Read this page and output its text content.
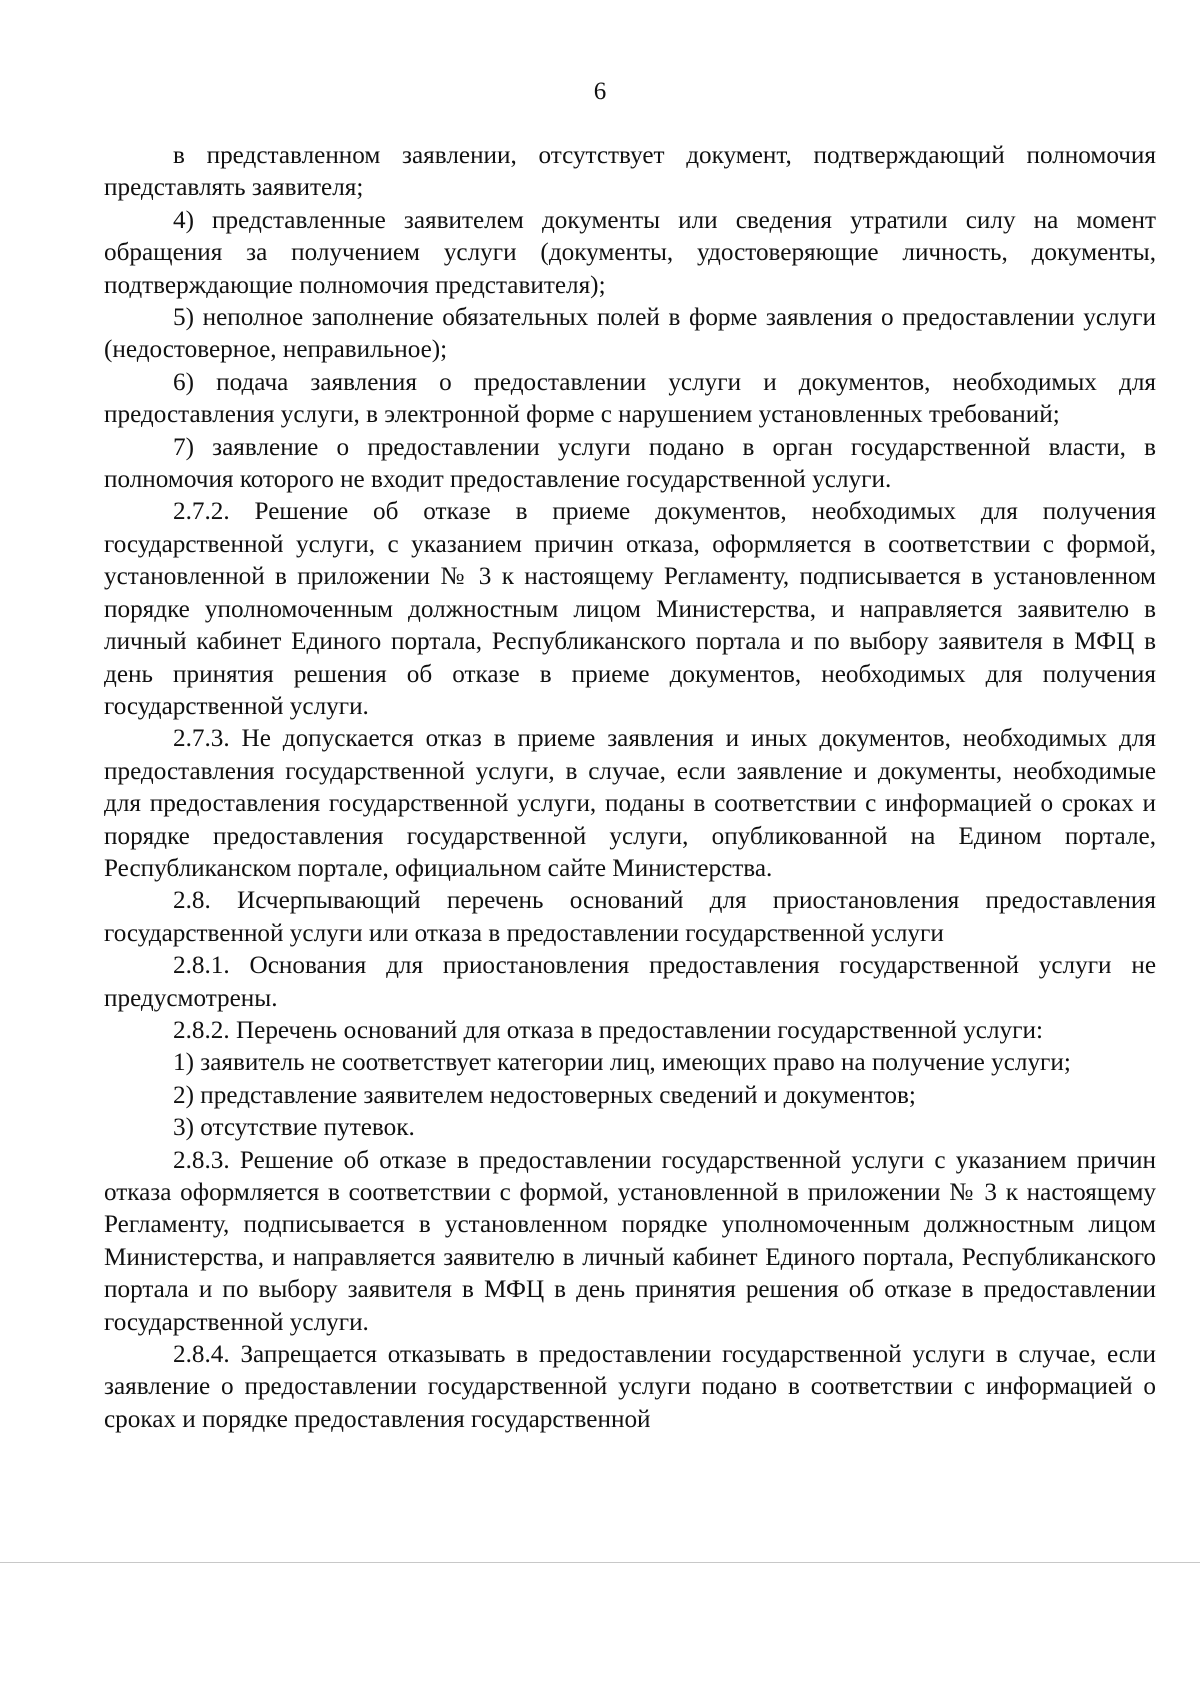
6

в представленном заявлении, отсутствует документ, подтверждающий полномочия представлять заявителя;

4) представленные заявителем документы или сведения утратили силу на момент обращения за получением услуги (документы, удостоверяющие личность, документы, подтверждающие полномочия представителя);

5) неполное заполнение обязательных полей в форме заявления о предоставлении услуги (недостоверное, неправильное);

6) подача заявления о предоставлении услуги и документов, необходимых для предоставления услуги, в электронной форме с нарушением установленных требований;

7) заявление о предоставлении услуги подано в орган государственной власти, в полномочия которого не входит предоставление государственной услуги.

2.7.2. Решение об отказе в приеме документов, необходимых для получения государственной услуги, с указанием причин отказа, оформляется в соответствии с формой, установленной в приложении № 3 к настоящему Регламенту, подписывается в установленном порядке уполномоченным должностным лицом Министерства, и направляется заявителю в личный кабинет Единого портала, Республиканского портала и по выбору заявителя в МФЦ в день принятия решения об отказе в приеме документов, необходимых для получения государственной услуги.

2.7.3. Не допускается отказ в приеме заявления и иных документов, необходимых для предоставления государственной услуги, в случае, если заявление и документы, необходимые для предоставления государственной услуги, поданы в соответствии с информацией о сроках и порядке предоставления государственной услуги, опубликованной на Едином портале, Республиканском портале, официальном сайте Министерства.

2.8. Исчерпывающий перечень оснований для приостановления предоставления государственной услуги или отказа в предоставлении государственной услуги

2.8.1. Основания для приостановления предоставления государственной услуги не предусмотрены.

2.8.2. Перечень оснований для отказа в предоставлении государственной услуги:

1) заявитель не соответствует категории лиц, имеющих право на получение услуги;

2) представление заявителем недостоверных сведений и документов;

3) отсутствие путевок.

2.8.3. Решение об отказе в предоставлении государственной услуги с указанием причин отказа оформляется в соответствии с формой, установленной в приложении № 3 к настоящему Регламенту, подписывается в установленном порядке уполномоченным должностным лицом Министерства, и направляется заявителю в личный кабинет Единого портала, Республиканского портала и по выбору заявителя в МФЦ в день принятия решения об отказе в предоставлении государственной услуги.

2.8.4. Запрещается отказывать в предоставлении государственной услуги в случае, если заявление о предоставлении государственной услуги подано в соответствии с информацией о сроках и порядке предоставления государственной
